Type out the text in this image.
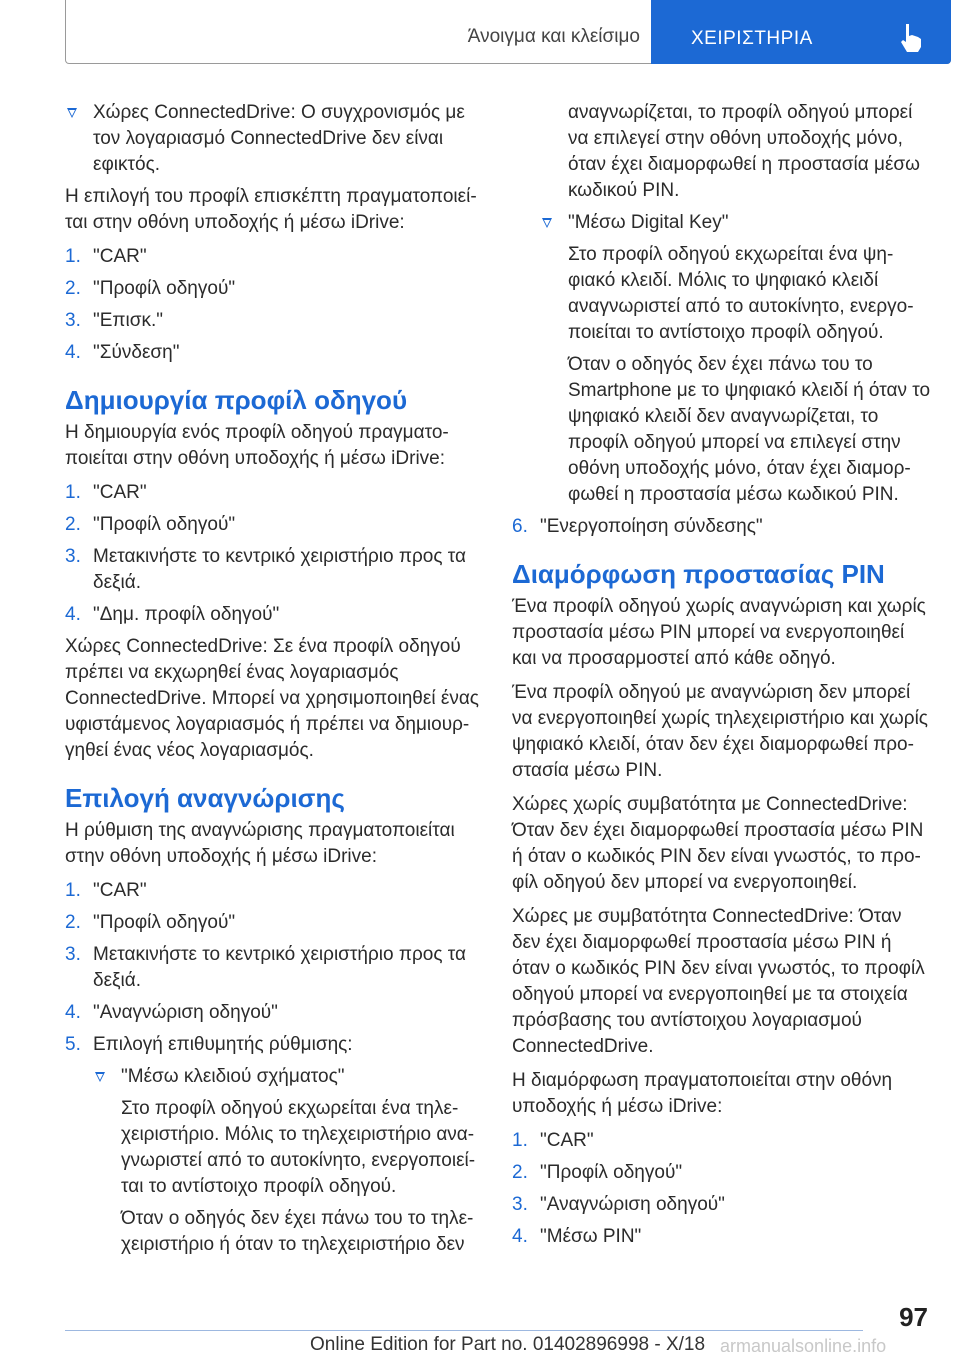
Άνοιγμα και κλείσιμο	ΧΕΙΡΙΣΤΗΡΙΑ
Χώρες ConnectedDrive: Ο συγχρονισμός με τον λογαριασμό ConnectedDrive δεν είναι εφικτός.

Η επιλογή του προφίλ επισκέπτη πραγματοποιείται στην οθόνη υποδοχής ή μέσω iDrive:

1. "CAR"
2. "Προφίλ οδηγού"
3. "Επισκ."
4. "Σύνδεση"
Δημιουργία προφίλ οδηγού

Η δημιουργία ενός προφίλ οδηγού πραγματοποιείται στην οθόνη υποδοχής ή μέσω iDrive:

1. "CAR"
2. "Προφίλ οδηγού"
3. Μετακινήστε το κεντρικό χειριστήριο προς τα δεξιά.
4. "Δημ. προφίλ οδηγού"

Χώρες ConnectedDrive: Σε ένα προφίλ οδηγού πρέπει να εκχωρηθεί ένας λογαριασμός ConnectedDrive. Μπορεί να χρησιμοποιηθεί ένας υφιστάμενος λογαριασμός ή πρέπει να δημιουργηθεί ένας νέος λογαριασμός.

Επιλογή αναγνώρισης

Η ρύθμιση της αναγνώρισης πραγματοποιείται στην οθόνη υποδοχής ή μέσω iDrive:

1. "CAR"
2. "Προφίλ οδηγού"
3. Μετακινήστε το κεντρικό χειριστήριο προς τα δεξιά.
4. "Αναγνώριση οδηγού"
5. Επιλογή επιθυμητής ρύθμισης:
"Μέσω κλειδιού σχήματος"

Στο προφίλ οδηγού εκχωρείται ένα τηλεχειριστήριο. Μόλις το τηλεχειριστήριο αναγνωριστεί από το αυτοκίνητο, ενεργοποιείται το αντίστοιχο προφίλ οδηγού.

Όταν ο οδηγός δεν έχει πάνω του το τηλεχειριστήριο ή όταν το τηλεχειριστήριο δεν

αναγνωρίζεται, το προφίλ οδηγού μπορεί να επιλεγεί στην οθόνη υποδοχής μόνο, όταν έχει διαμορφωθεί η προστασία μέσω κωδικού PIN.

"Μέσω Digital Key"

Στο προφίλ οδηγού εκχωρείται ένα ψηφιακό κλειδί. Μόλις το ψηφιακό κλειδί αναγνωριστεί από το αυτοκίνητο, ενεργοποιείται το αντίστοιχο προφίλ οδηγού.

Όταν ο οδηγός δεν έχει πάνω του το Smartphone με το ψηφιακό κλειδί ή όταν το ψηφιακό κλειδί δεν αναγνωρίζεται, το προφίλ οδηγού μπορεί να επιλεγεί στην οθόνη υποδοχής μόνο, όταν έχει διαμορφωθεί η προστασία μέσω κωδικού PIN.

6. "Ενεργοποίηση σύνδεσης"
Διαμόρφωση προστασίας PIN

Ένα προφίλ οδηγού χωρίς αναγνώριση και χωρίς προστασία μέσω PIN μπορεί να ενεργοποιηθεί και να προσαρμοστεί από κάθε οδηγό.

Ένα προφίλ οδηγού με αναγνώριση δεν μπορεί να ενεργοποιηθεί χωρίς τηλεχειριστήριο και χωρίς ψηφιακό κλειδί, όταν δεν έχει διαμορφωθεί προστασία μέσω PIN.

Χώρες χωρίς συμβατότητα με ConnectedDrive: Όταν δεν έχει διαμορφωθεί προστασία μέσω PIN ή όταν ο κωδικός PIN δεν είναι γνωστός, το προφίλ οδηγού δεν μπορεί να ενεργοποιηθεί.

Χώρες με συμβατότητα ConnectedDrive: Όταν δεν έχει διαμορφωθεί προστασία μέσω PIN ή όταν ο κωδικός PIN δεν είναι γνωστός, το προφίλ οδηγού μπορεί να ενεργοποιηθεί με τα στοιχεία πρόσβασης του αντίστοιχου λογαριασμού ConnectedDrive.

Η διαμόρφωση πραγματοποιείται στην οθόνη υποδοχής ή μέσω iDrive:

1. "CAR"
2. "Προφίλ οδηγού"
3. "Αναγνώριση οδηγού"
4. "Μέσω PIN"
97
Online Edition for Part no. 01402896998 - X/18 armanualsonline.info
